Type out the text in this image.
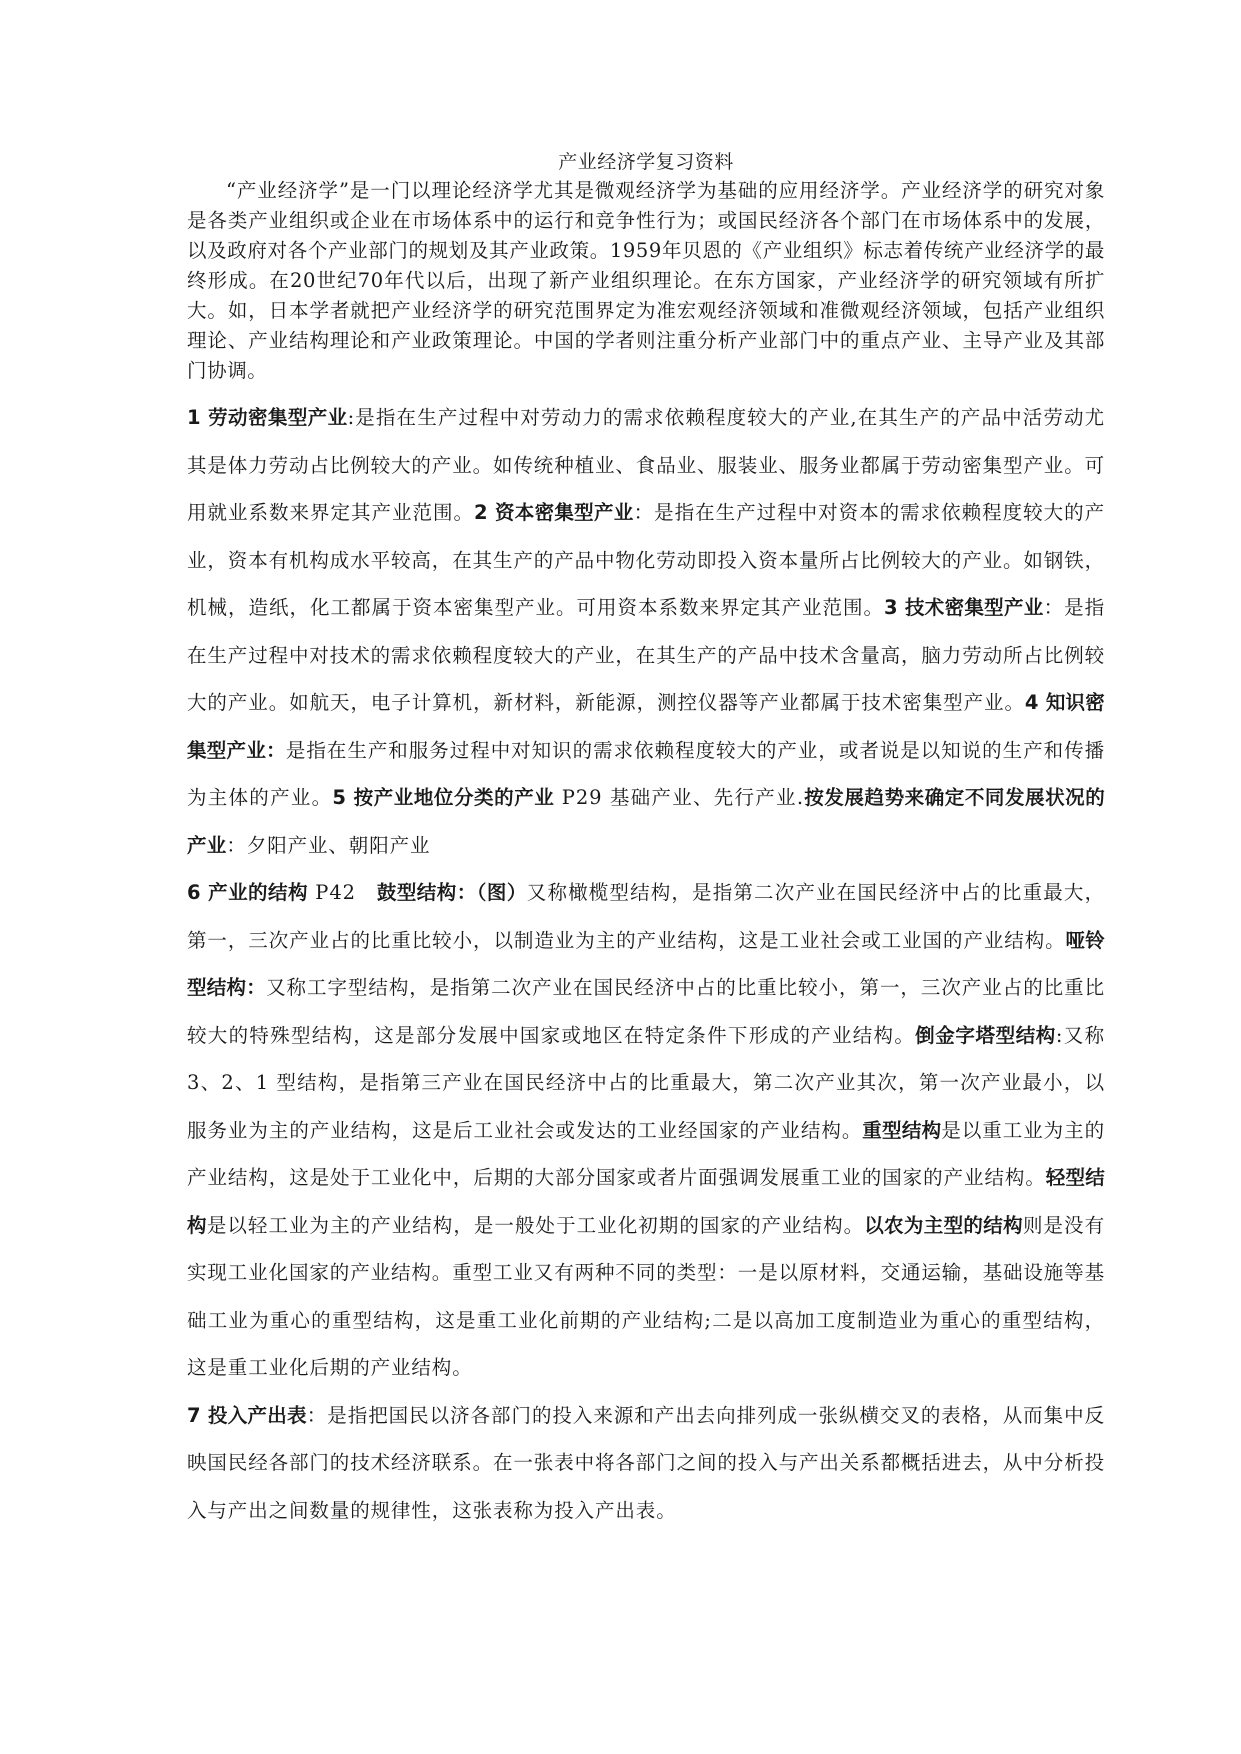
产业经济学复习资料

“产业经济学”是一门以理论经济学尤其是微观经济学为基础的应用经济学。产业经济学的研究对象是各类产业组织或企业在市场体系中的运行和竞争性行为；或国民经济各个部门在市场体系中的发展，以及政府对各个产业部门的规划及其产业政策。1959年贝恩的《产业组织》标志着传统产业经济学的最终形成。在20世纪70年代以后，出现了新产业组织理论。在东方国家，产业经济学的研究领域有所扩大。如，日本学者就把产业经济学的研究范围界定为准宏观经济领域和准微观经济领域，包括产业组织理论、产业结构理论和产业政策理论。中国的学者则注重分析产业部门中的重点产业、主导产业及其部门协调。

1 劳动密集型产业:是指在生产过程中对劳动力的需求依赖程度较大的产业,在其生产的产品中活劳动尤其是体力劳动占比例较大的产业。如传统种植业、食品业、服装业、服务业都属于劳动密集型产业。可用就业系数来界定其产业范围。2 资本密集型产业：是指在生产过程中对资本的需求依赖程度较大的产业，资本有机构成水平较高，在其生产的产品中物化劳动即投入资本量所占比例较大的产业。如钢铁，机械，造纸，化工都属于资本密集型产业。可用资本系数来界定其产业范围。3 技术密集型产业：是指在生产过程中对技术的需求依赖程度较大的产业，在其生产的产品中技术含量高，脑力劳动所占比例较大的产业。如航天，电子计算机，新材料，新能源，测控仪器等产业都属于技术密集型产业。4 知识密集型产业：是指在生产和服务过程中对知识的需求依赖程度较大的产业，或者说是以知说的生产和传播为主体的产业。5 按产业地位分类的产业 P29 基础产业、先行产业.按发展趋势来确定不同发展状况的产业：夕阳产业、朝阳产业

6 产业的结构 P42　鼓型结构：（图）又称橄榄型结构，是指第二次产业在国民经济中占的比重最大，第一，三次产业占的比重比较小，以制造业为主的产业结构，这是工业社会或工业国的产业结构。哑铃型结构：又称工字型结构，是指第二次产业在国民经济中占的比重比较小，第一，三次产业占的比重比较大的特殊型结构，这是部分发展中国家或地区在特定条件下形成的产业结构。倒金字塔型结构:又称 3、2、1 型结构，是指第三产业在国民经济中占的比重最大，第二次产业其次，第一次产业最小，以服务业为主的产业结构，这是后工业社会或发达的工业经国家的产业结构。重型结构是以重工业为主的产业结构，这是处于工业化中，后期的大部分国家或者片面强调发展重工业的国家的产业结构。轻型结构是以轻工业为主的产业结构，是一般处于工业化初期的国家的产业结构。以农为主型的结构则是没有实现工业化国家的产业结构。重型工业又有两种不同的类型：一是以原材料，交通运输，基础设施等基础工业为重心的重型结构，这是重工业化前期的产业结构;二是以高加工度制造业为重心的重型结构，这是重工业化后期的产业结构。

7 投入产出表：是指把国民以济各部门的投入来源和产出去向排列成一张纵横交叉的表格，从而集中反映国民经各部门的技术经济联系。在一张表中将各部门之间的投入与产出关系都概括进去，从中分析投入与产出之间数量的规律性，这张表称为投入产出表。
